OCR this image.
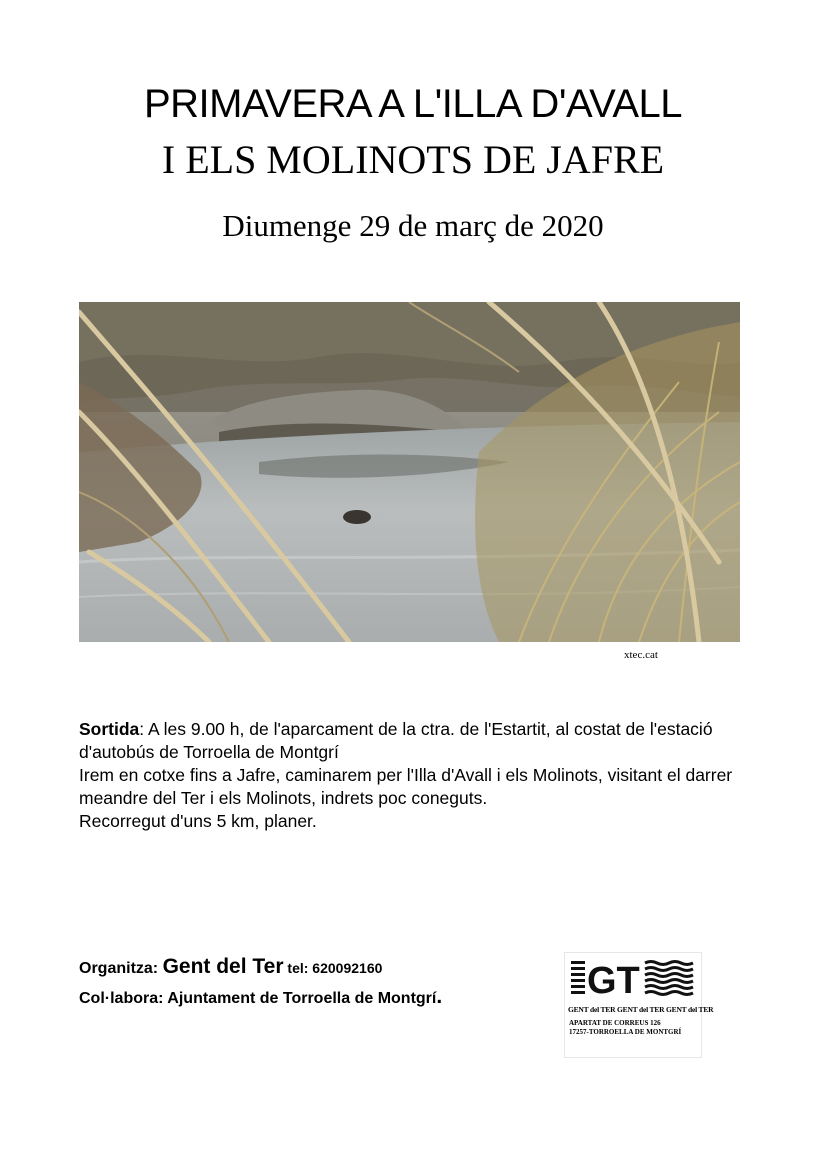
PRIMAVERA A L'ILLA D'AVALL
I ELS MOLINOTS DE JAFRE
Diumenge 29 de març de 2020
xtec.cat

Sortida: A les 9.00 h, de l'aparcament de la ctra. de l'Estartit, al costat de l'estació d'autobús de Torroella de Montgrí

Irem en cotxe fins a Jafre, caminarem per l'Illa d'Avall i els Molinots, visitant el darrer meandre del Ter i els Molinots, indrets poc coneguts.

Recorregut d'uns 5 km, planer.

Organitza: Gent del Ter tel: 620092160
Col·labora: Ajuntament de Torroella de Montgrí.	GT
GENT del TER GENT del TER GENT del TER
APARTAT DE CORREUS 126
17257-TORROELLA DE MONTGRÍ
